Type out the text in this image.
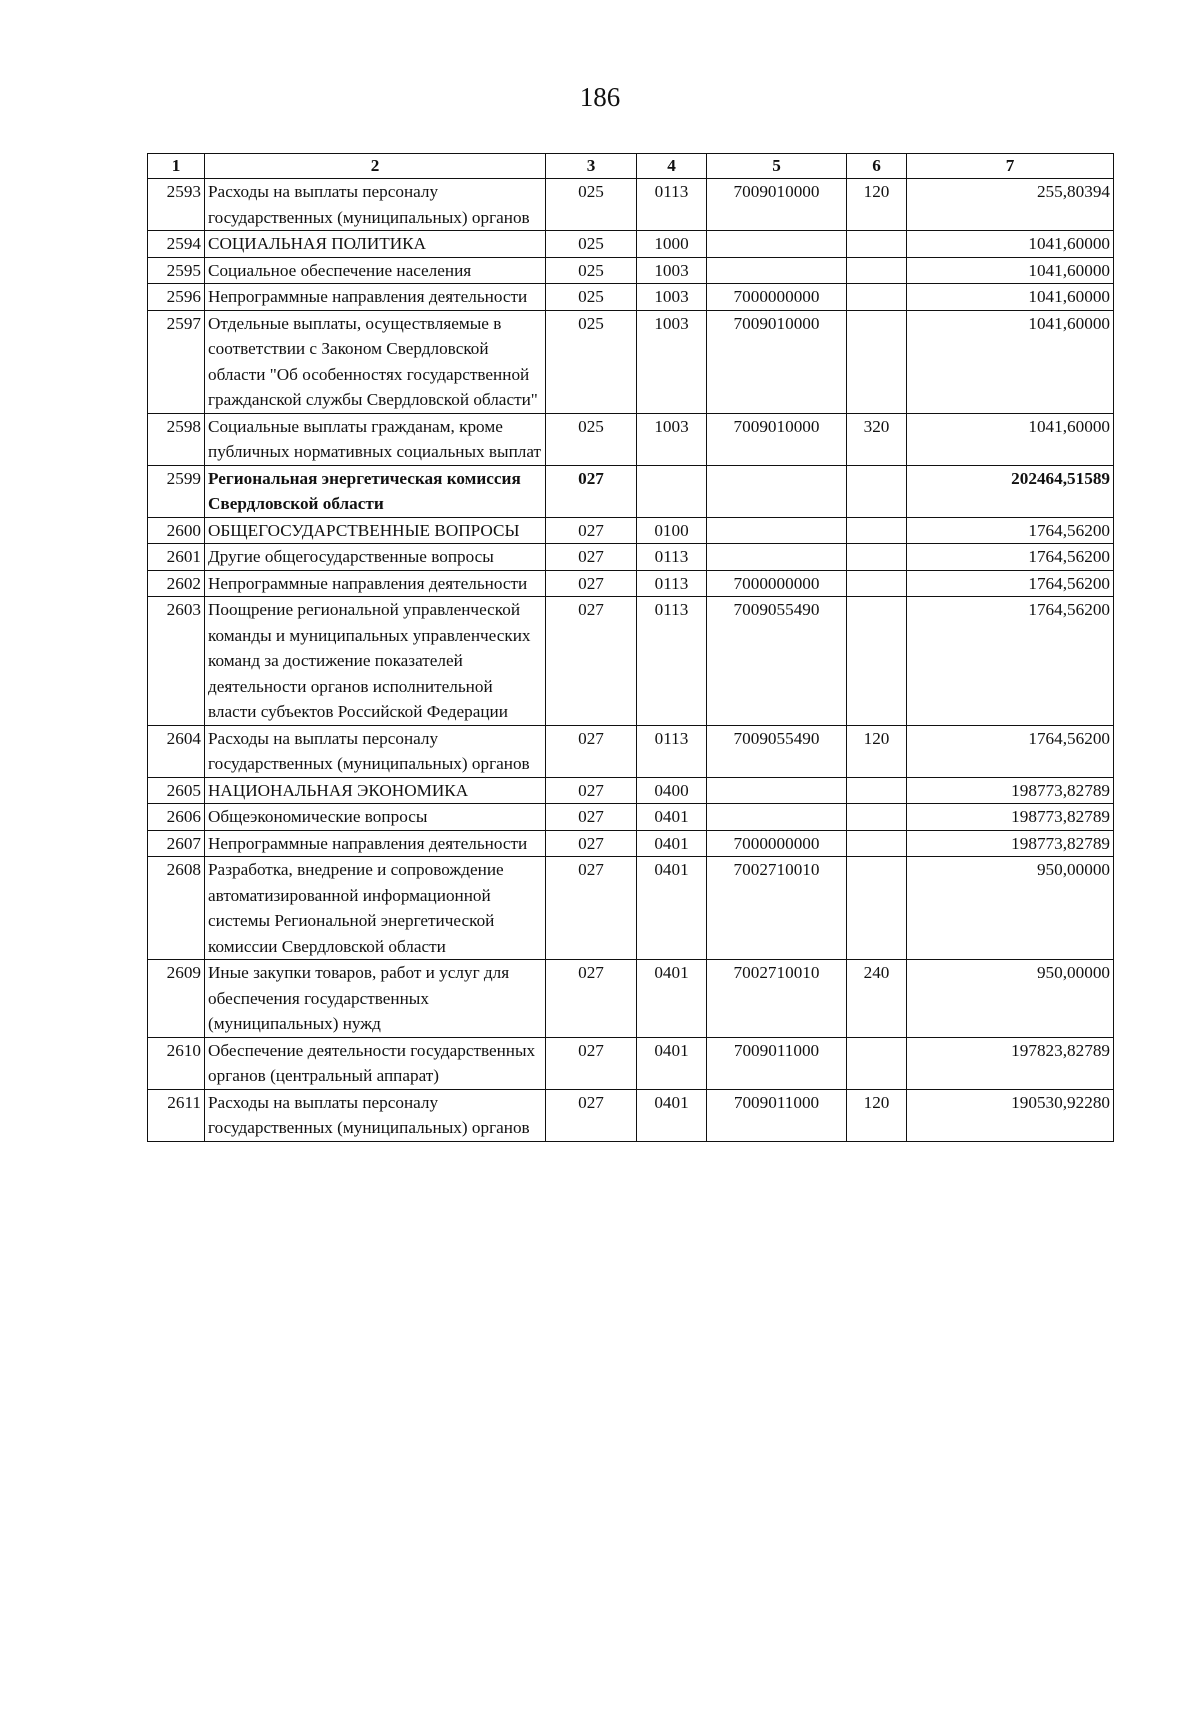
186
1	2	3	4	5	6	7
2593	Расходы на выплаты персоналу государственных (муниципальных) органов	025	0113	7009010000	120	255,80394
2594	СОЦИАЛЬНАЯ ПОЛИТИКА	025	1000			1041,60000
2595	Социальное обеспечение населения	025	1003			1041,60000
2596	Непрограммные направления деятельности	025	1003	7000000000		1041,60000
2597	Отдельные выплаты, осуществляемые в соответствии с Законом Свердловской области "Об особенностях государственной гражданской службы Свердловской области"	025	1003	7009010000		1041,60000
2598	Социальные выплаты гражданам, кроме публичных нормативных социальных выплат	025	1003	7009010000	320	1041,60000
2599	Региональная энергетическая комиссия Свердловской области	027				202464,51589
2600	ОБЩЕГОСУДАРСТВЕННЫЕ ВОПРОСЫ	027	0100			1764,56200
2601	Другие общегосударственные вопросы	027	0113			1764,56200
2602	Непрограммные направления деятельности	027	0113	7000000000		1764,56200
2603	Поощрение региональной управленческой команды и муниципальных управленческих команд за достижение показателей деятельности органов исполнительной власти субъектов Российской Федерации	027	0113	7009055490		1764,56200
2604	Расходы на выплаты персоналу государственных (муниципальных) органов	027	0113	7009055490	120	1764,56200
2605	НАЦИОНАЛЬНАЯ ЭКОНОМИКА	027	0400			198773,82789
2606	Общеэкономические вопросы	027	0401			198773,82789
2607	Непрограммные направления деятельности	027	0401	7000000000		198773,82789
2608	Разработка, внедрение и сопровождение автоматизированной информационной системы Региональной энергетической комиссии Свердловской области	027	0401	7002710010		950,00000
2609	Иные закупки товаров, работ и услуг для обеспечения государственных (муниципальных) нужд	027	0401	7002710010	240	950,00000
2610	Обеспечение деятельности государственных органов (центральный аппарат)	027	0401	7009011000		197823,82789
2611	Расходы на выплаты персоналу государственных (муниципальных) органов	027	0401	7009011000	120	190530,92280
